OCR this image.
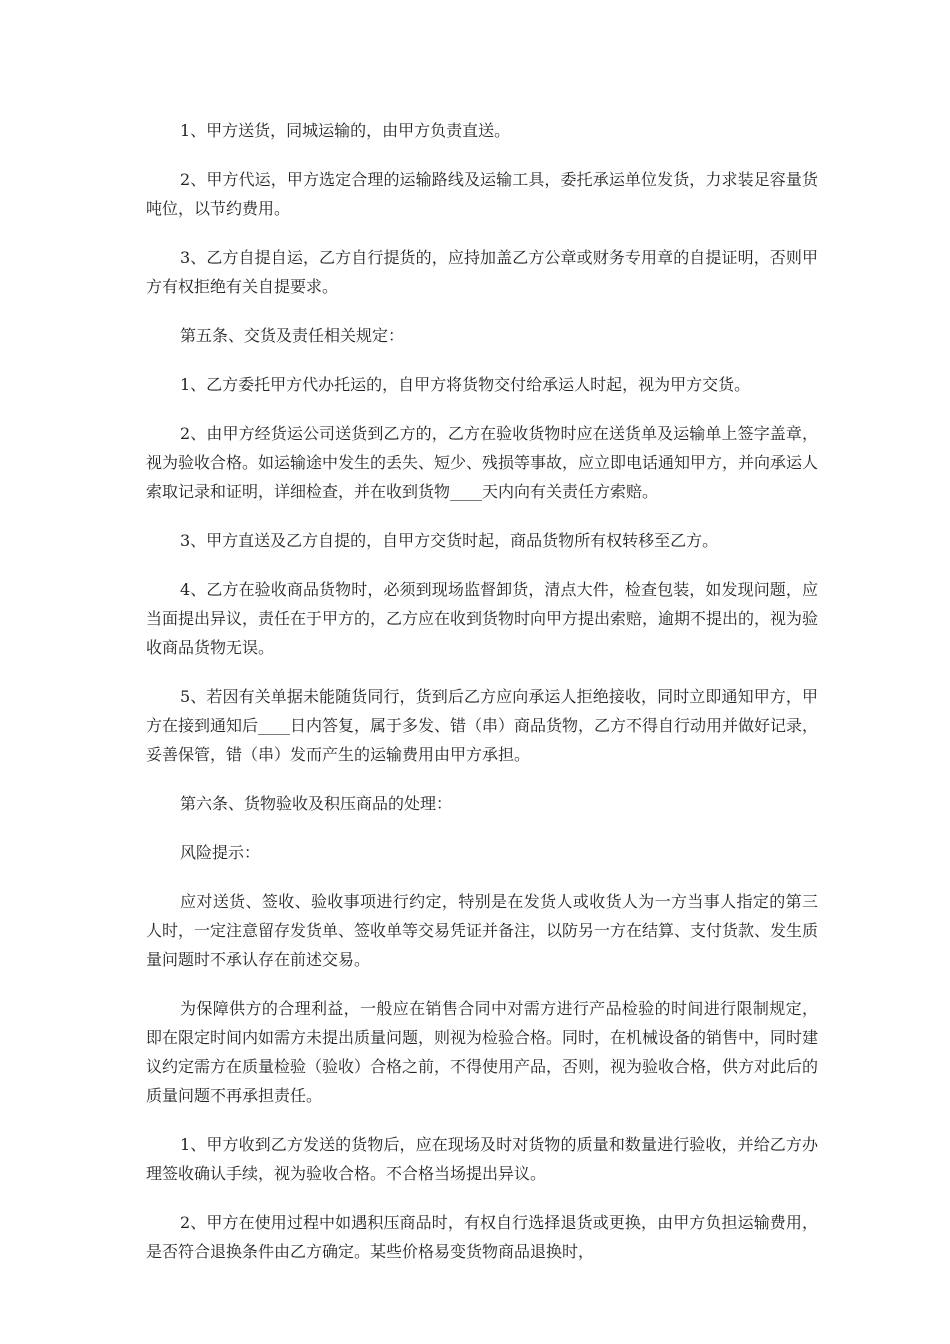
1、甲方送货，同城运输的，由甲方负责直送。

2、甲方代运，甲方选定合理的运输路线及运输工具，委托承运单位发货，力求装足容量货吨位，以节约费用。

3、乙方自提自运，乙方自行提货的，应持加盖乙方公章或财务专用章的自提证明，否则甲方有权拒绝有关自提要求。

第五条、交货及责任相关规定：

1、乙方委托甲方代办托运的，自甲方将货物交付给承运人时起，视为甲方交货。

2、由甲方经货运公司送货到乙方的，乙方在验收货物时应在送货单及运输单上签字盖章，视为验收合格。如运输途中发生的丢失、短少、残损等事故，应立即电话通知甲方，并向承运人索取记录和证明，详细检查，并在收到货物____天内向有关责任方索赔。

3、甲方直送及乙方自提的，自甲方交货时起，商品货物所有权转移至乙方。

4、乙方在验收商品货物时，必须到现场监督卸货，清点大件，检查包装，如发现问题，应当面提出异议，责任在于甲方的，乙方应在收到货物时向甲方提出索赔，逾期不提出的，视为验收商品货物无误。

5、若因有关单据未能随货同行，货到后乙方应向承运人拒绝接收，同时立即通知甲方，甲方在接到通知后____日内答复，属于多发、错（串）商品货物，乙方不得自行动用并做好记录，妥善保管，错（串）发而产生的运输费用由甲方承担。

第六条、货物验收及积压商品的处理：

风险提示：

应对送货、签收、验收事项进行约定，特别是在发货人或收货人为一方当事人指定的第三人时，一定注意留存发货单、签收单等交易凭证并备注，以防另一方在结算、支付货款、发生质量问题时不承认存在前述交易。

为保障供方的合理利益，一般应在销售合同中对需方进行产品检验的时间进行限制规定，即在限定时间内如需方未提出质量问题，则视为检验合格。同时，在机械设备的销售中，同时建议约定需方在质量检验（验收）合格之前，不得使用产品，否则，视为验收合格，供方对此后的质量问题不再承担责任。

1、甲方收到乙方发送的货物后，应在现场及时对货物的质量和数量进行验收，并给乙方办理签收确认手续，视为验收合格。不合格当场提出异议。

2、甲方在使用过程中如遇积压商品时，有权自行选择退货或更换，由甲方负担运输费用，是否符合退换条件由乙方确定。某些价格易变货物商品退换时，
